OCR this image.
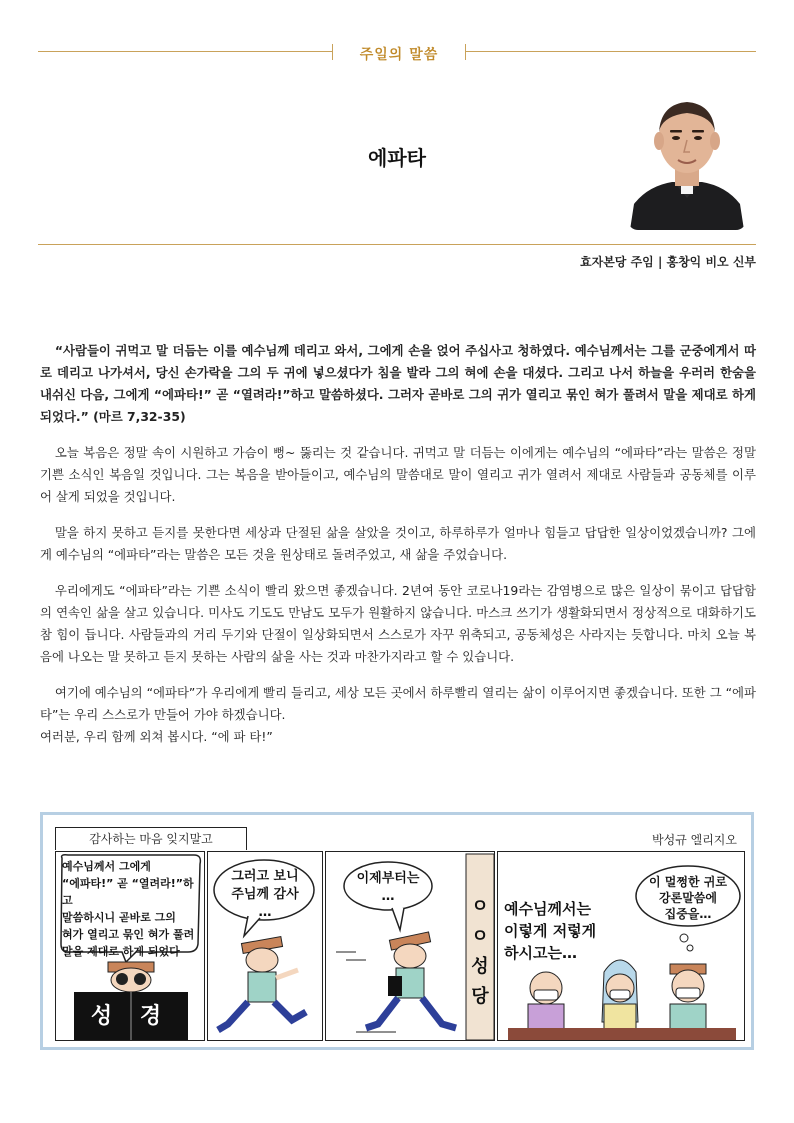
주일의 말씀
에파타
효자본당 주임 | 홍창익 비오 신부

“사람들이 귀먹고 말 더듬는 이를 예수님께 데리고 와서, 그에게 손을 얹어 주십사고 청하였다. 예수님께서는 그를 군중에게서 따로 데리고 나가셔서, 당신 손가락을 그의 두 귀에 넣으셨다가 침을 발라 그의 혀에 손을 대셨다. 그리고 나서 하늘을 우러러 한숨을 내쉬신 다음, 그에게 “에파타!” 곧 “열려라!”하고 말씀하셨다. 그러자 곧바로 그의 귀가 열리고 묶인 혀가 풀려서 말을 제대로 하게 되었다.” (마르 7,32-35)

오늘 복음은 정말 속이 시원하고 가슴이 뻥~ 뚫리는 것 같습니다. 귀먹고 말 더듬는 이에게는 예수님의 “에파타”라는 말씀은 정말 기쁜 소식인 복음일 것입니다. 그는 복음을 받아들이고, 예수님의 말씀대로 말이 열리고 귀가 열려서 제대로 사람들과 공동체를 이루어 살게 되었을 것입니다.

말을 하지 못하고 듣지를 못한다면 세상과 단절된 삶을 살았을 것이고, 하루하루가 얼마나 힘들고 답답한 일상이었겠습니까? 그에게 예수님의 “에파타”라는 말씀은 모든 것을 원상태로 돌려주었고, 새 삶을 주었습니다.

우리에게도 “에파타”라는 기쁜 소식이 빨리 왔으면 좋겠습니다. 2년여 동안 코로나19라는 감염병으로 많은 일상이 묶이고 답답함의 연속인 삶을 살고 있습니다. 미사도 기도도 만남도 모두가 원활하지 않습니다. 마스크 쓰기가 생활화되면서 정상적으로 대화하기도 참 힘이 듭니다. 사람들과의 거리 두기와 단절이 일상화되면서 스스로가 자꾸 위축되고, 공동체성은 사라지는 듯합니다. 마치 오늘 복음에 나오는 말 못하고 듣지 못하는 사람의 삶을 사는 것과 마찬가지라고 할 수 있습니다.

여기에 예수님의 “에파타”가 우리에게 빨리 들리고, 세상 모든 곳에서 하루빨리 열리는 삶이 이루어지면 좋겠습니다. 또한 그 “에파타”는 우리 스스로가 만들어 가야 하겠습니다.

여러분, 우리 함께 외쳐 봅시다. “에 파 타!”

감사하는 마음 잊지말고	박성규 엘리지오
예수님께서 그에게
“에파타!” 곧 “열려라!”하고
말씀하시니 곧바로 그의
혀가 열리고 묶인 혀가 풀려
말을 제대로 하게 되었다
성 경
그러고 보니
주님께 감사
…
이제부터는
…	ㅇ
ㅇ
성
당
예수님께서는
이렇게 저렇게
하시고는…
이 멀쩡한 귀로
강론말씀에
집중을…
